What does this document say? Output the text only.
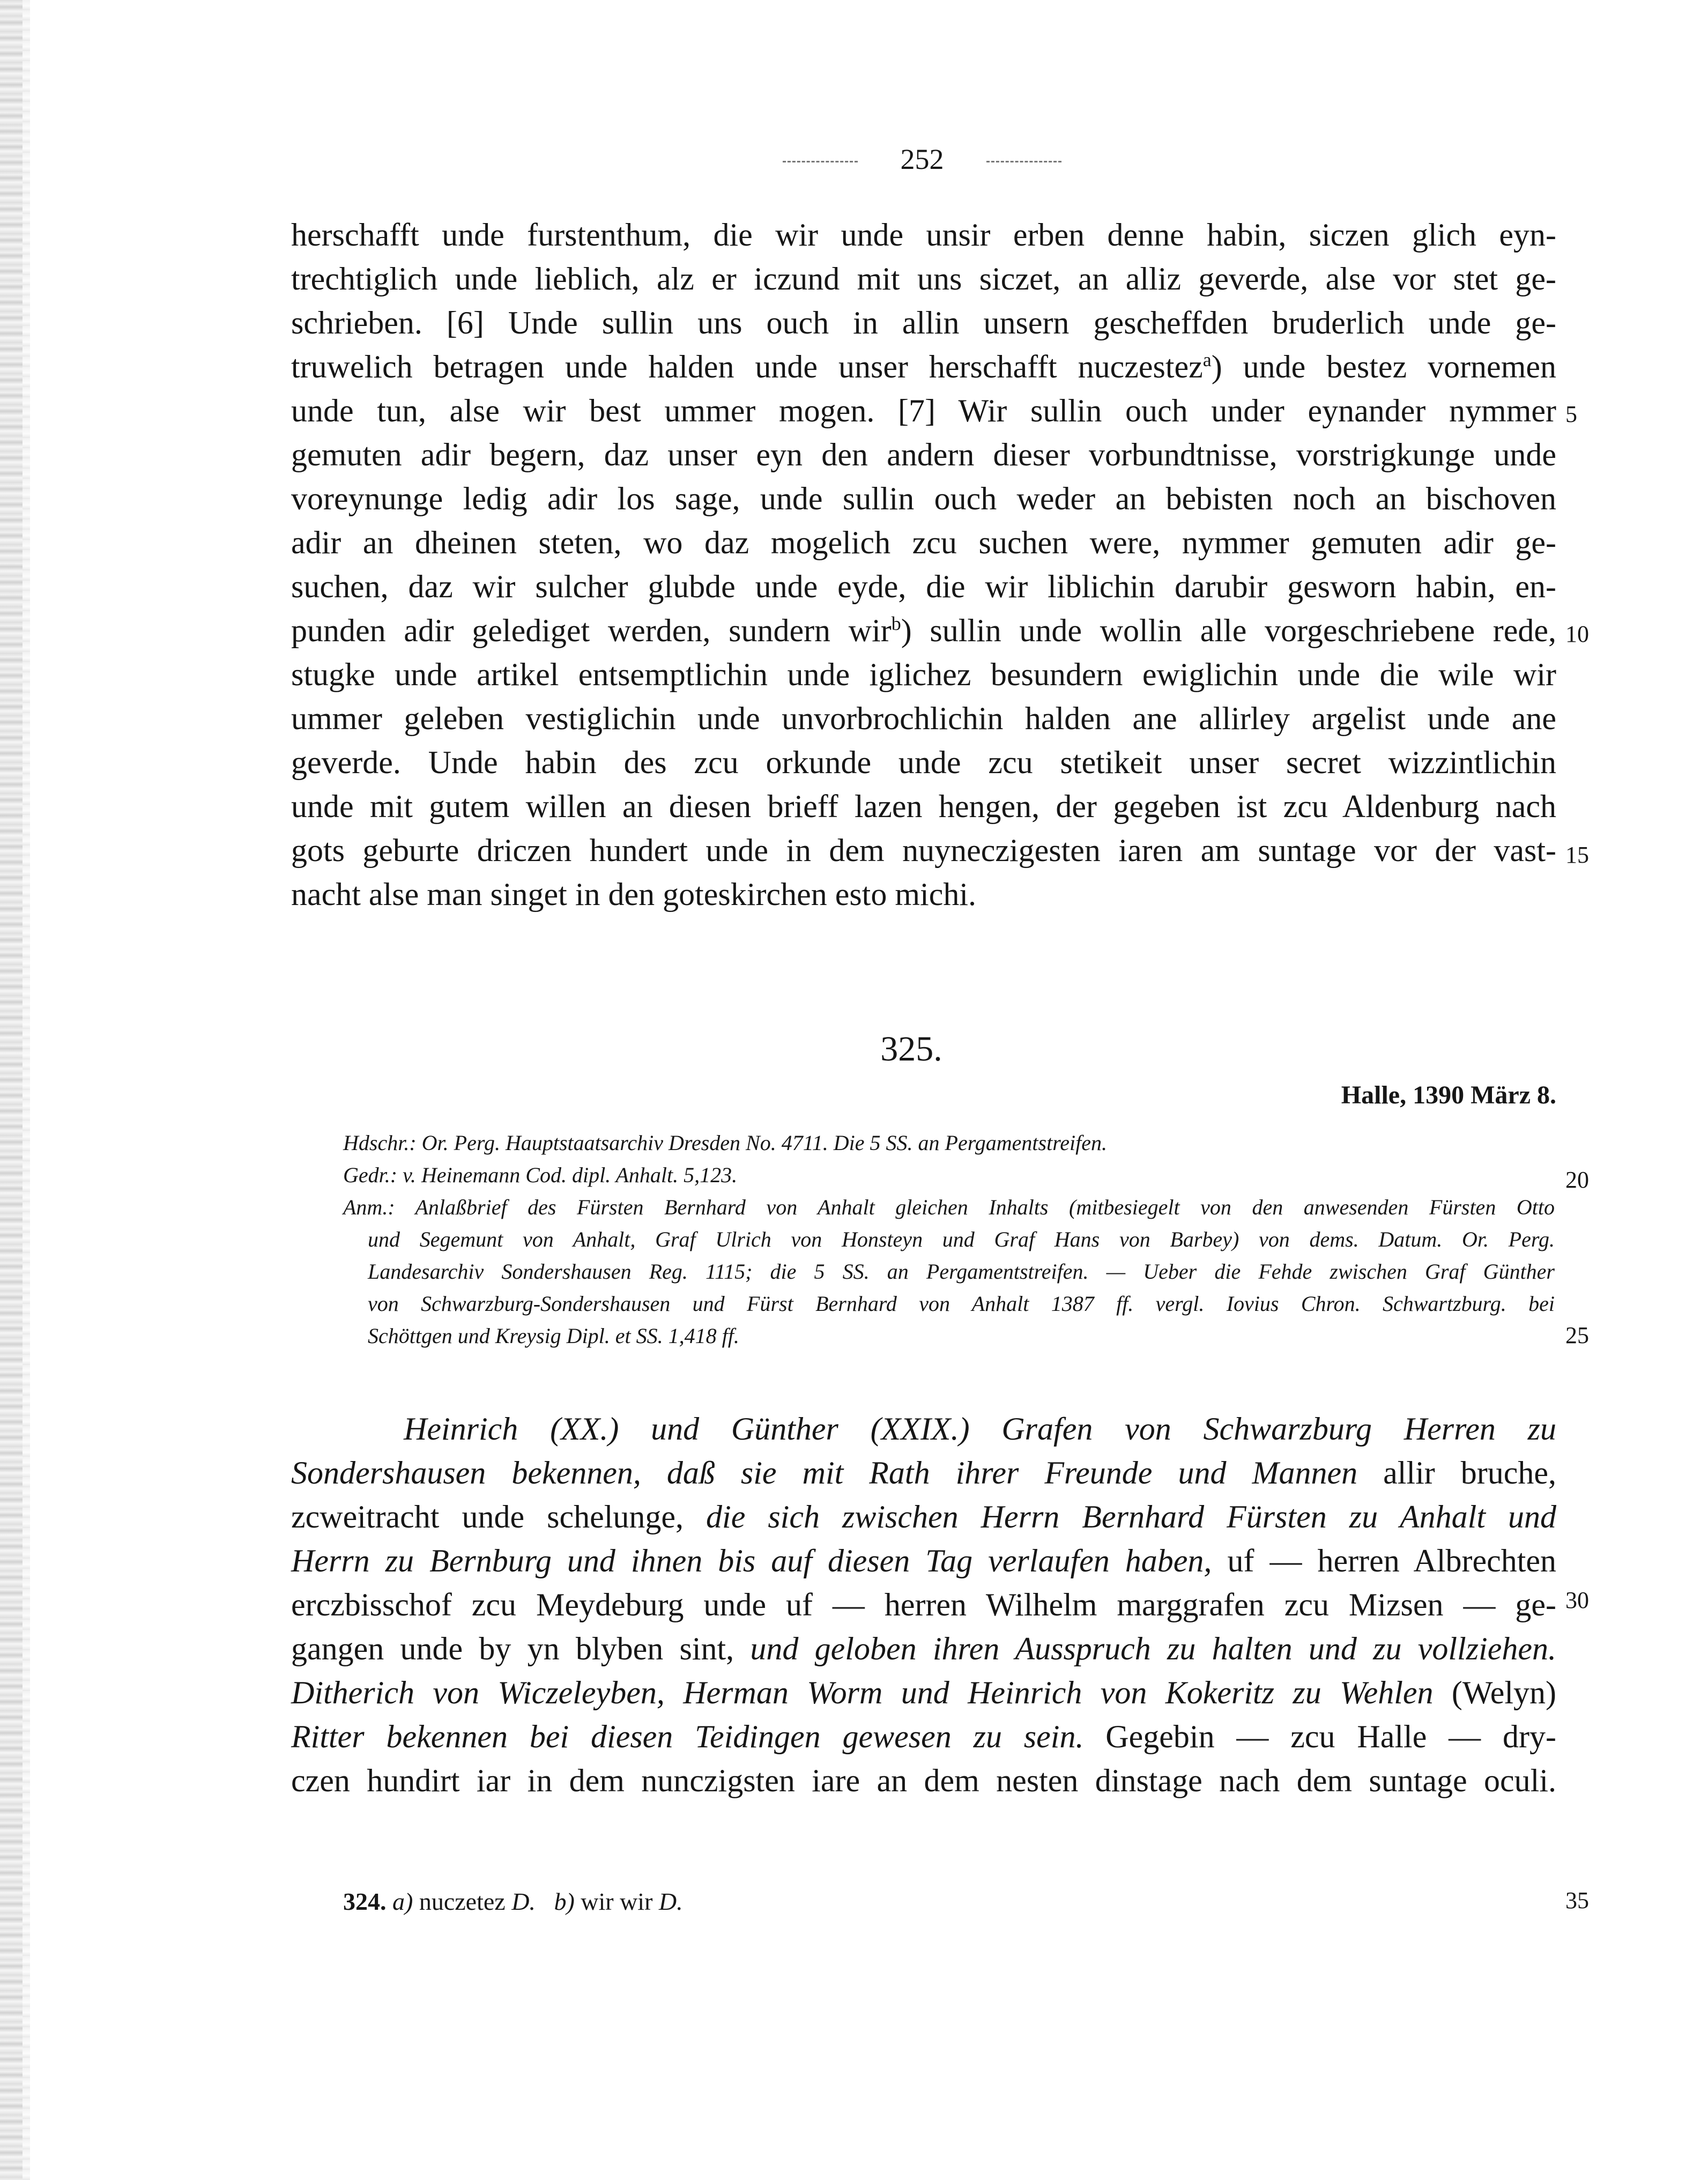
252
herschafft unde furstenthum, die wir unde unsir erben denne habin, siczen glich eyn-
trechtiglich unde lieblich, alz er iczund mit uns siczet, an alliz geverde, alse vor stet ge-
schrieben. [6] Unde sullin uns ouch in allin unsern gescheffden bruderlich unde ge-
truwelich betragen unde halden unde unser herschafft nuczestez$^a$) unde bestez vornemen
unde tun, alse wir best ummer mogen. [7] Wir sullin ouch under eynander nymmer
gemuten adir begern, daz unser eyn den andern dieser vorbundtnisse, vorstrigkunge unde
voreynunge ledig adir los sage, unde sullin ouch weder an bebisten noch an bischoven
adir an dheinen steten, wo daz mogelich zcu suchen were, nymmer gemuten adir ge-
suchen, daz wir sulcher glubde unde eyde, die wir liblichin darubir gesworn habin, en-
punden adir gelediget werden, sundern wir$^b$) sullin unde wollin alle vorgeschriebene rede,
stugke unde artikel entsemptlichin unde iglichez besundern ewiglichin unde die wile wir
ummer geleben vestiglichin unde unvorbrochlichin halden ane allirley argelist unde ane
geverde. Unde habin des zcu orkunde unde zcu stetikeit unser secret wizzintlichin
unde mit gutem willen an diesen brieff lazen hengen, der gegeben ist zcu Aldenburg nach
gots geburte driczen hundert unde in dem nuyneczigesten iaren am suntage vor der vast-
nacht alse man singet in den goteskirchen esto michi.
5
10
15
20
25
30
35
325.
Halle, 1390 März 8.
Hdschr.: Or. Perg. Hauptstaatsarchiv Dresden No. 4711. Die 5 SS. an Pergamentstreifen.
Gedr.: v. Heinemann Cod. dipl. Anhalt. 5,123.
Anm.: Anlaßbrief des Fürsten Bernhard von Anhalt gleichen Inhalts (mitbesiegelt von den anwesenden Fürsten Otto
und Segemunt von Anhalt, Graf Ulrich von Honsteyn und Graf Hans von Barbey) von dems. Datum. Or. Perg.
Landesarchiv Sondershausen Reg. 1115; die 5 SS. an Pergamentstreifen. — Ueber die Fehde zwischen Graf Günther
von Schwarzburg-Sondershausen und Fürst Bernhard von Anhalt 1387 ff. vergl. Iovius Chron. Schwartzburg. bei
Schöttgen und Kreysig Dipl. et SS. 1,418 ff.
Heinrich (XX.) und Günther (XXIX.) Grafen von Schwarzburg Herren zu
Sondershausen bekennen, daß sie mit Rath ihrer Freunde und Mannen allir bruche,
zcweitracht unde schelunge, die sich zwischen Herrn Bernhard Fürsten zu Anhalt und
Herrn zu Bernburg und ihnen bis auf diesen Tag verlaufen haben, uf — herren Albrechten
erczbisschof zcu Meydeburg unde uf — herren Wilhelm marggrafen zcu Mizsen — ge-
gangen unde by yn blyben sint, und geloben ihren Ausspruch zu halten und zu vollziehen.
Ditherich von Wiczeleyben, Herman Worm und Heinrich von Kokeritz zu Wehlen (Welyn)
Ritter bekennen bei diesen Teidingen gewesen zu sein. Gegebin — zcu Halle — dry-
czen hundirt iar in dem nunczigsten iare an dem nesten dinstage nach dem suntage oculi.
324. a) nuczetez D. b) wir wir D.
